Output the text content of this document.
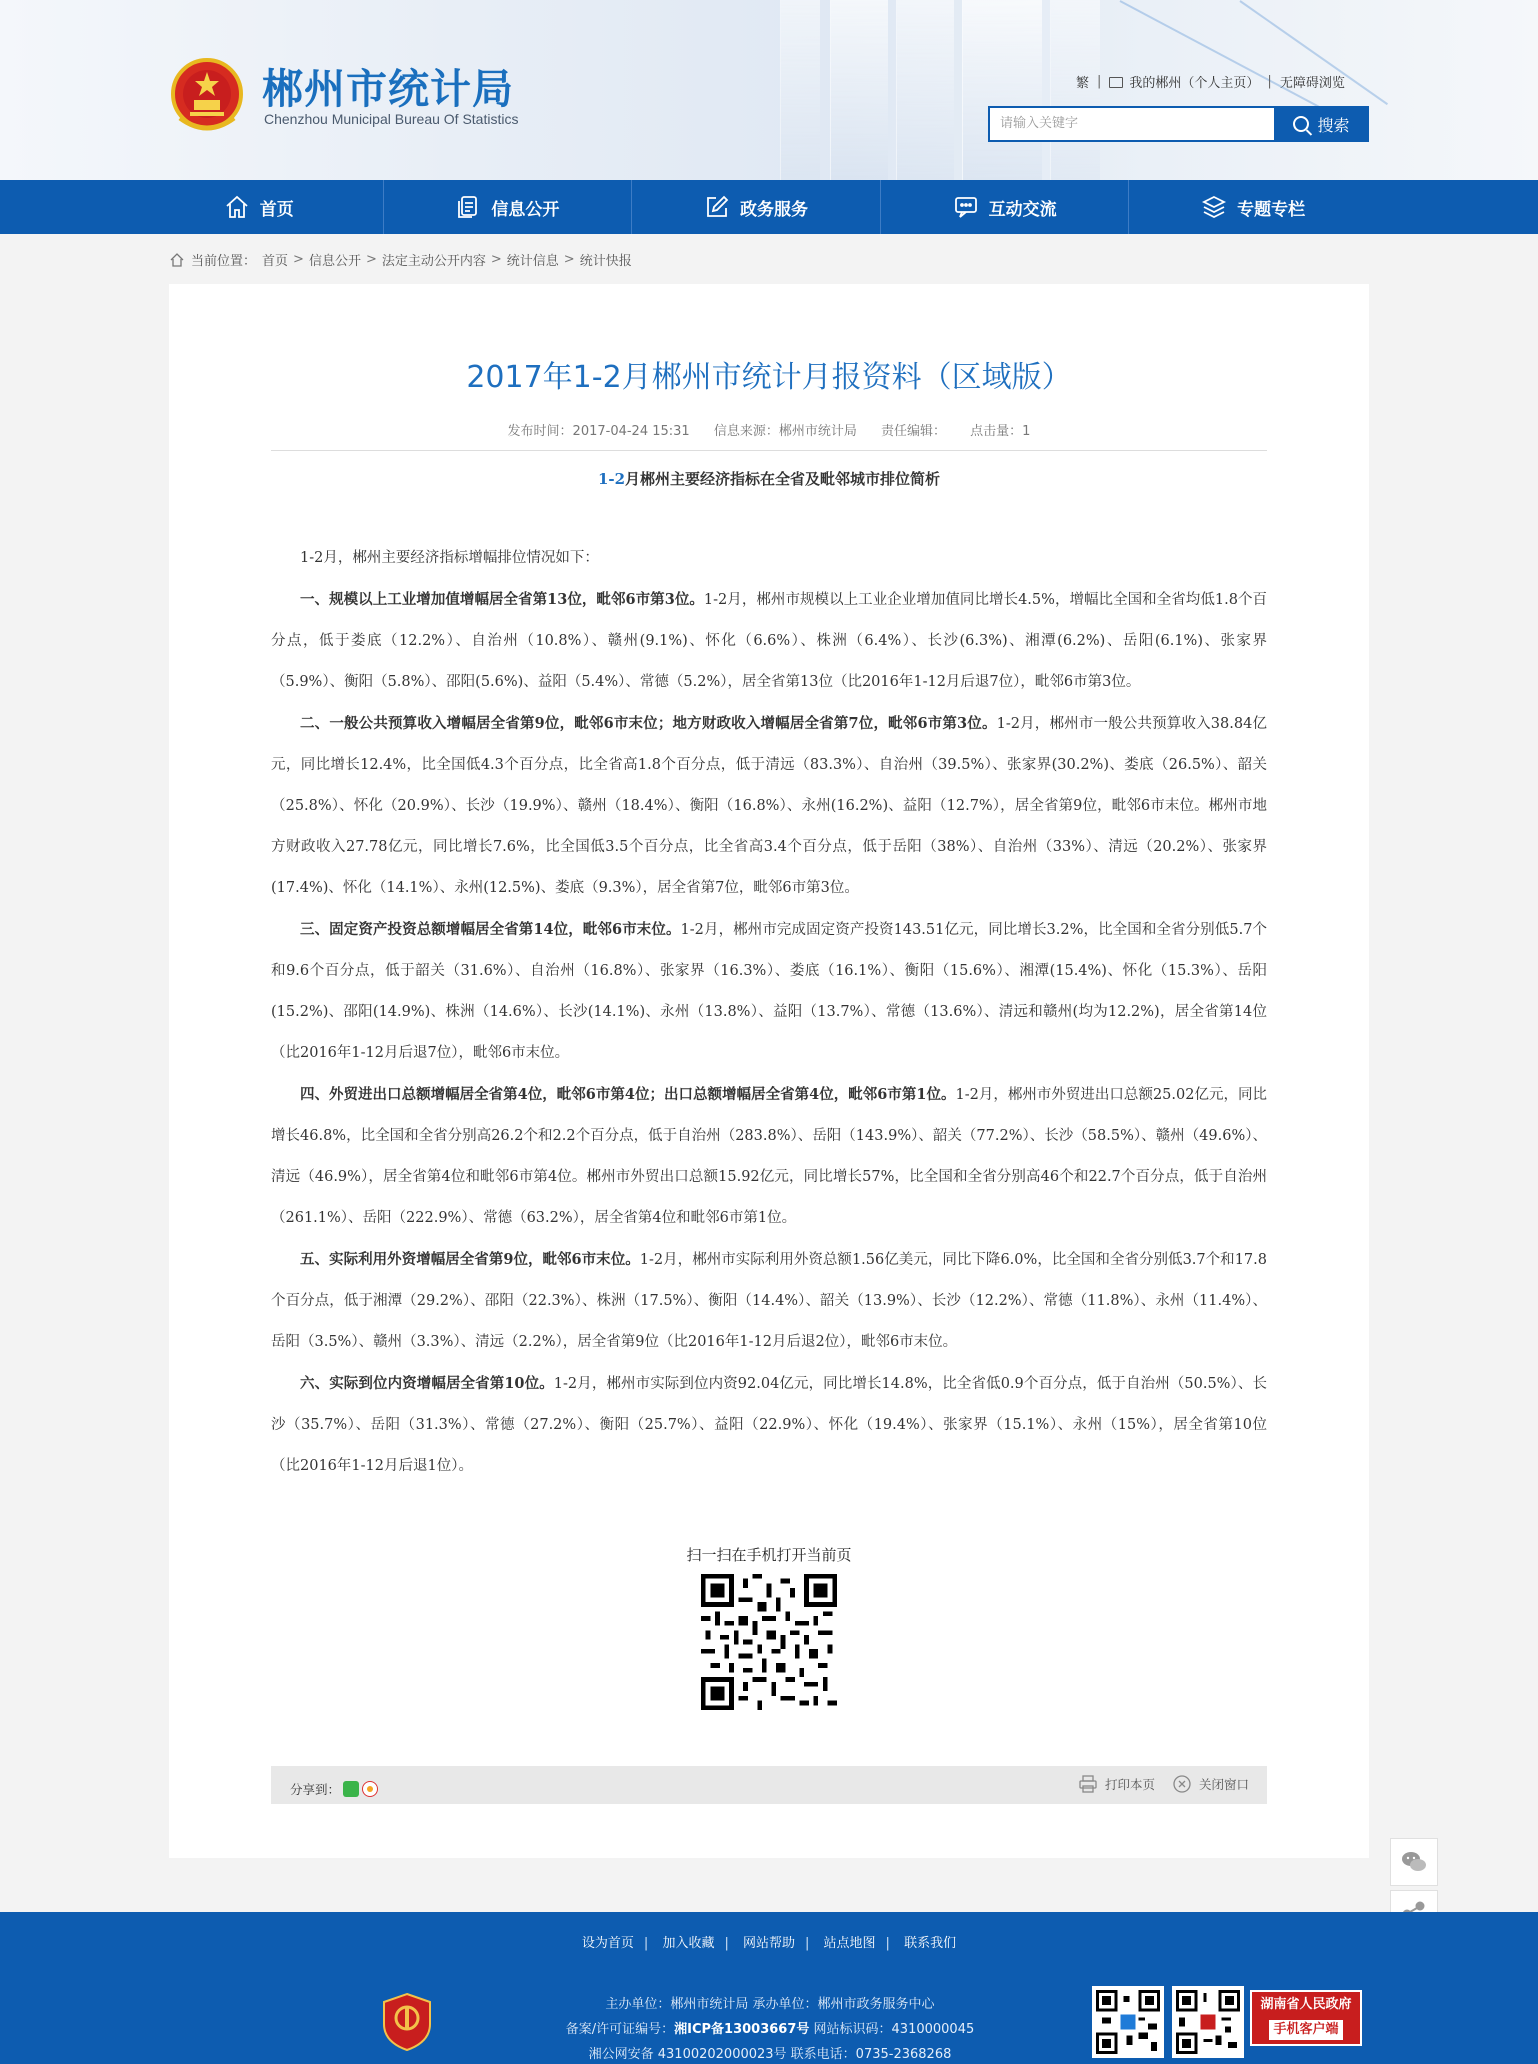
郴州市统计局
Chenzhou Municipal Bureau Of Statistics
繁 | 我的郴州（个人主页） | 无障碍浏览
请输入关键字	搜索
首页	信息公开	政务服务	互动交流	专题专栏
当前位置： 首页 > 信息公开 > 法定主动公开内容 > 统计信息 > 统计快报
2017年1-2月郴州市统计月报资料（区域版）
发布时间：2017-04-24 15:31 信息来源：郴州市统计局 责任编辑： 点击量：1
1-2月郴州主要经济指标在全省及毗邻城市排位简析

1-2月，郴州主要经济指标增幅排位情况如下：

一、规模以上工业增加值增幅居全省第13位，毗邻6市第3位。1-2月，郴州市规模以上工业企业增加值同比增长4.5%，增幅比全国和全省均低1.8个百分点，低于娄底（12.2%）、自治州（10.8%）、赣州(9.1%)、怀化（6.6%）、株洲（6.4%）、长沙(6.3%)、湘潭(6.2%)、岳阳(6.1%)、张家界（5.9%）、衡阳（5.8%）、邵阳(5.6%)、益阳（5.4%）、常德（5.2%），居全省第13位（比2016年1-12月后退7位），毗邻6市第3位。

二、一般公共预算收入增幅居全省第9位，毗邻6市末位；地方财政收入增幅居全省第7位，毗邻6市第3位。1-2月，郴州市一般公共预算收入38.84亿元，同比增长12.4%，比全国低4.3个百分点，比全省高1.8个百分点，低于清远（83.3%）、自治州（39.5%）、张家界(30.2%)、娄底（26.5%）、韶关（25.8%）、怀化（20.9%）、长沙（19.9%）、赣州（18.4%）、衡阳（16.8%）、永州(16.2%)、益阳（12.7%），居全省第9位，毗邻6市末位。郴州市地方财政收入27.78亿元，同比增长7.6%，比全国低3.5个百分点，比全省高3.4个百分点，低于岳阳（38%）、自治州（33%）、清远（20.2%）、张家界(17.4%)、怀化（14.1%）、永州(12.5%)、娄底（9.3%），居全省第7位，毗邻6市第3位。

三、固定资产投资总额增幅居全省第14位，毗邻6市末位。1-2月，郴州市完成固定资产投资143.51亿元，同比增长3.2%，比全国和全省分别低5.7个和9.6个百分点，低于韶关（31.6%）、自治州（16.8%）、张家界（16.3%）、娄底（16.1%）、衡阳（15.6%）、湘潭(15.4%)、怀化（15.3%）、岳阳(15.2%)、邵阳(14.9%)、株洲（14.6%）、长沙(14.1%)、永州（13.8%）、益阳（13.7%）、常德（13.6%）、清远和赣州(均为12.2%)，居全省第14位（比2016年1-12月后退7位），毗邻6市末位。

四、外贸进出口总额增幅居全省第4位，毗邻6市第4位；出口总额增幅居全省第4位，毗邻6市第1位。1-2月，郴州市外贸进出口总额25.02亿元，同比增长46.8%，比全国和全省分别高26.2个和2.2个百分点，低于自治州（283.8%）、岳阳（143.9%）、韶关（77.2%）、长沙（58.5%）、赣州（49.6%）、清远（46.9%），居全省第4位和毗邻6市第4位。郴州市外贸出口总额15.92亿元，同比增长57%，比全国和全省分别高46个和22.7个百分点，低于自治州（261.1%）、岳阳（222.9%）、常德（63.2%），居全省第4位和毗邻6市第1位。

五、实际利用外资增幅居全省第9位，毗邻6市末位。1-2月，郴州市实际利用外资总额1.56亿美元，同比下降6.0%，比全国和全省分别低3.7个和17.8个百分点，低于湘潭（29.2%）、邵阳（22.3%）、株洲（17.5%）、衡阳（14.4%）、韶关（13.9%）、长沙（12.2%）、常德（11.8%）、永州（11.4%）、岳阳（3.5%）、赣州（3.3%）、清远（2.2%），居全省第9位（比2016年1-12月后退2位），毗邻6市末位。

六、实际到位内资增幅居全省第10位。1-2月，郴州市实际到位内资92.04亿元，同比增长14.8%，比全省低0.9个百分点，低于自治州（50.5%）、长沙（35.7%）、岳阳（31.3%）、常德（27.2%）、衡阳（25.7%）、益阳（22.9%）、怀化（19.4%）、张家界（15.1%）、永州（15%），居全省第10位（比2016年1-12月后退1位）。

扫一扫在手机打开当前页
分享到：	打印本页	关闭窗口
设为首页 | 加入收藏 | 网站帮助 | 站点地图 | 联系我们
主办单位：郴州市统计局 承办单位：郴州市政务服务中心
备案/许可证编号：湘ICP备13003667号 网站标识码：4310000045
湘公网安备 43100202000023号 联系电话：0735-2368268
湖南省人民政府
手机客户端
